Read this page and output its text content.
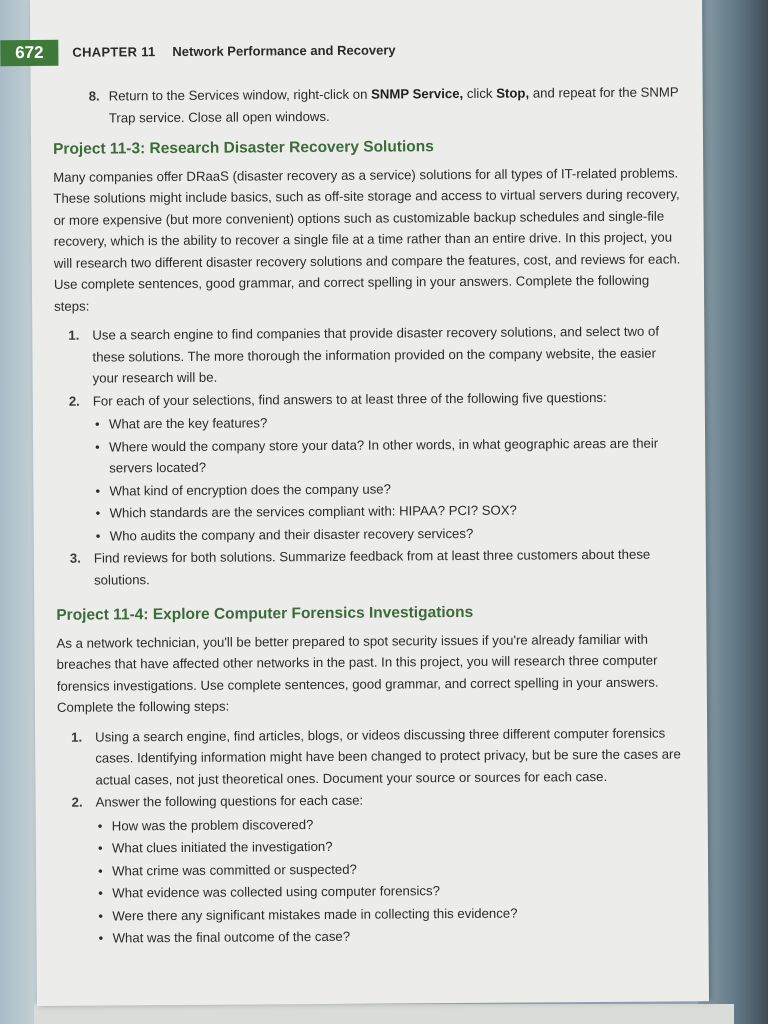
672	CHAPTER 11 Network Performance and Recovery
8. Return to the Services window, right-click on SNMP Service, click Stop, and repeat for the SNMP Trap service. Close all open windows.
Project 11-3: Research Disaster Recovery Solutions

Many companies offer DRaaS (disaster recovery as a service) solutions for all types of IT-related problems. These solutions might include basics, such as off-site storage and access to virtual servers during recovery, or more expensive (but more convenient) options such as customizable backup schedules and single-file recovery, which is the ability to recover a single file at a time rather than an entire drive. In this project, you will research two different disaster recovery solutions and compare the features, cost, and reviews for each. Use complete sentences, good grammar, and correct spelling in your answers. Complete the following steps:

1. Use a search engine to find companies that provide disaster recovery solutions, and select two of these solutions. The more thorough the information provided on the company website, the easier your research will be.
2. For each of your selections, find answers to at least three of the following five questions:
• What are the key features?
• Where would the company store your data? In other words, in what geographic areas are their servers located?
• What kind of encryption does the company use?
• Which standards are the services compliant with: HIPAA? PCI? SOX?
• Who audits the company and their disaster recovery services?
3. Find reviews for both solutions. Summarize feedback from at least three customers about these solutions.
Project 11-4: Explore Computer Forensics Investigations

As a network technician, you'll be better prepared to spot security issues if you're already familiar with breaches that have affected other networks in the past. In this project, you will research three computer forensics investigations. Use complete sentences, good grammar, and correct spelling in your answers. Complete the following steps:

1. Using a search engine, find articles, blogs, or videos discussing three different computer forensics cases. Identifying information might have been changed to protect privacy, but be sure the cases are actual cases, not just theoretical ones. Document your source or sources for each case.
2. Answer the following questions for each case:
• How was the problem discovered?
• What clues initiated the investigation?
• What crime was committed or suspected?
• What evidence was collected using computer forensics?
• Were there any significant mistakes made in collecting this evidence?
• What was the final outcome of the case?
